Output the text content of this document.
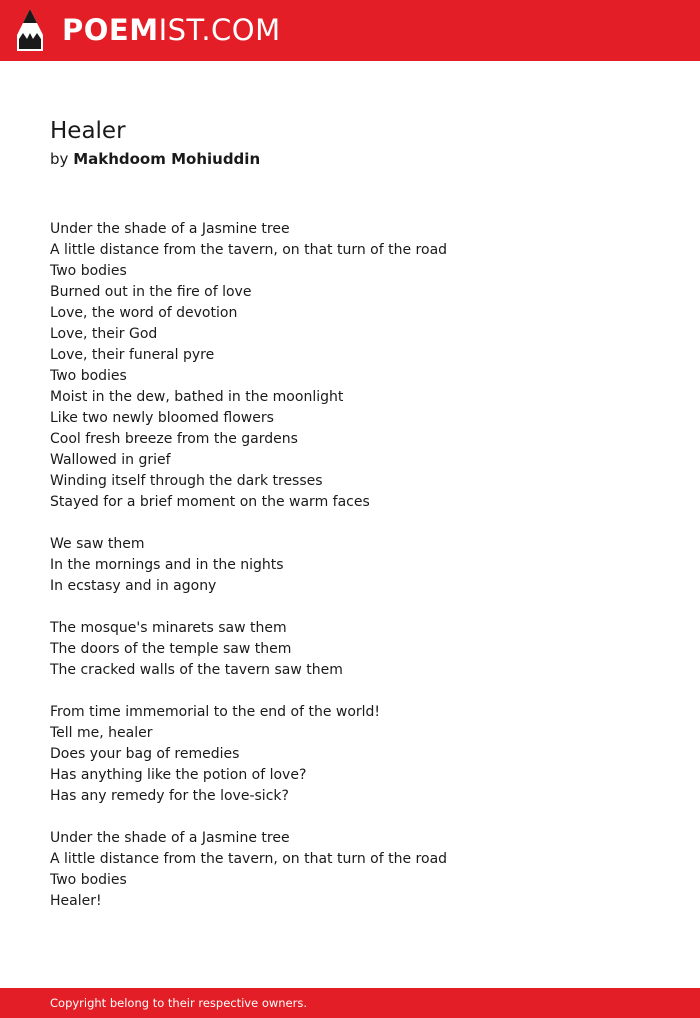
POEMIST.COM
Healer
by Makhdoom Mohiuddin
Under the shade of a Jasmine tree
A little distance from the tavern, on that turn of the road
Two bodies
Burned out in the fire of love
Love, the word of devotion
Love, their God
Love, their funeral pyre
Two bodies
Moist in the dew, bathed in the moonlight
Like two newly bloomed flowers
Cool fresh breeze from the gardens
Wallowed in grief
Winding itself through the dark tresses
Stayed for a brief moment on the warm faces
We saw them
In the mornings and in the nights
In ecstasy and in agony
The mosque's minarets saw them
The doors of the temple saw them
The cracked walls of the tavern saw them
From time immemorial to the end of the world!
Tell me, healer
Does your bag of remedies
Has anything like the potion of love?
Has any remedy for the love-sick?
Under the shade of a Jasmine tree
A little distance from the tavern, on that turn of the road
Two bodies
Healer!
Copyright belong to their respective owners.
